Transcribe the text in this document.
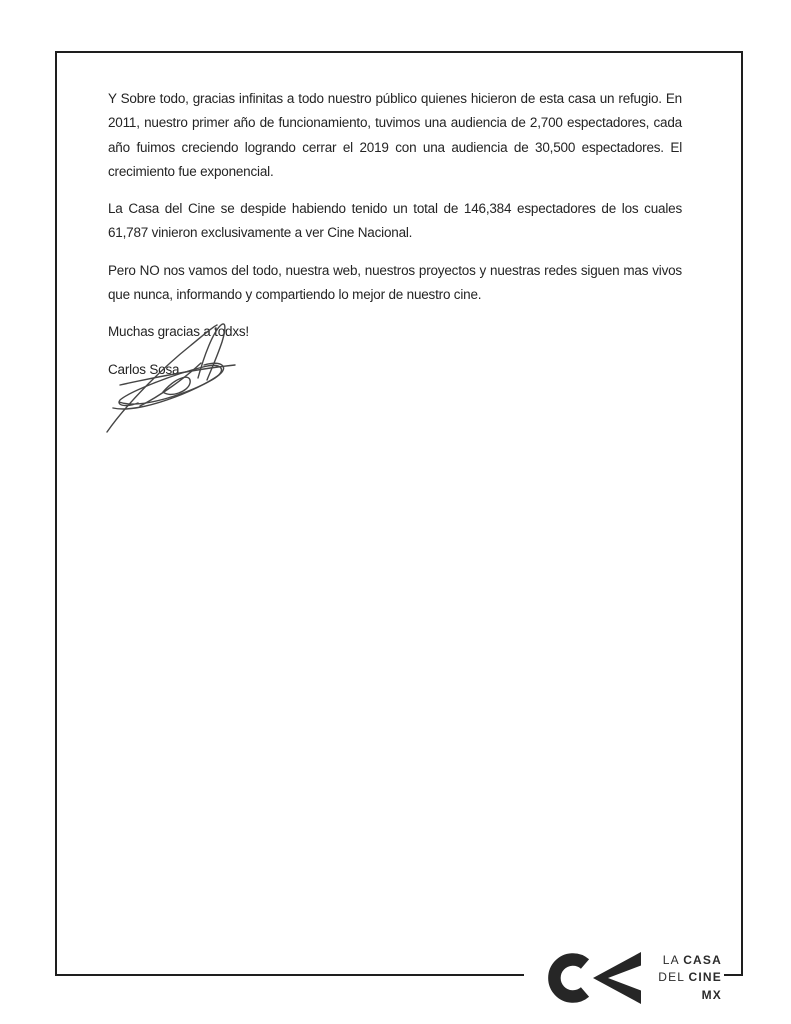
Y Sobre todo, gracias infinitas a todo nuestro público quienes hicieron de esta casa un refugio. En 2011, nuestro primer año de funcionamiento, tuvimos una audiencia de 2,700 espectadores, cada año fuimos creciendo logrando cerrar el 2019 con una audiencia de 30,500 espectadores. El crecimiento fue exponencial.

La Casa del Cine se despide habiendo tenido un total de 146,384 espectadores de los cuales 61,787 vinieron exclusivamente a ver Cine Nacional.

Pero NO nos vamos del todo, nuestra web, nuestros proyectos y nuestras redes siguen mas vivos que nunca, informando y compartiendo lo mejor de nuestro cine.

Muchas gracias a todxs!

Carlos Sosa

LA CASA
DEL CINE
MX
